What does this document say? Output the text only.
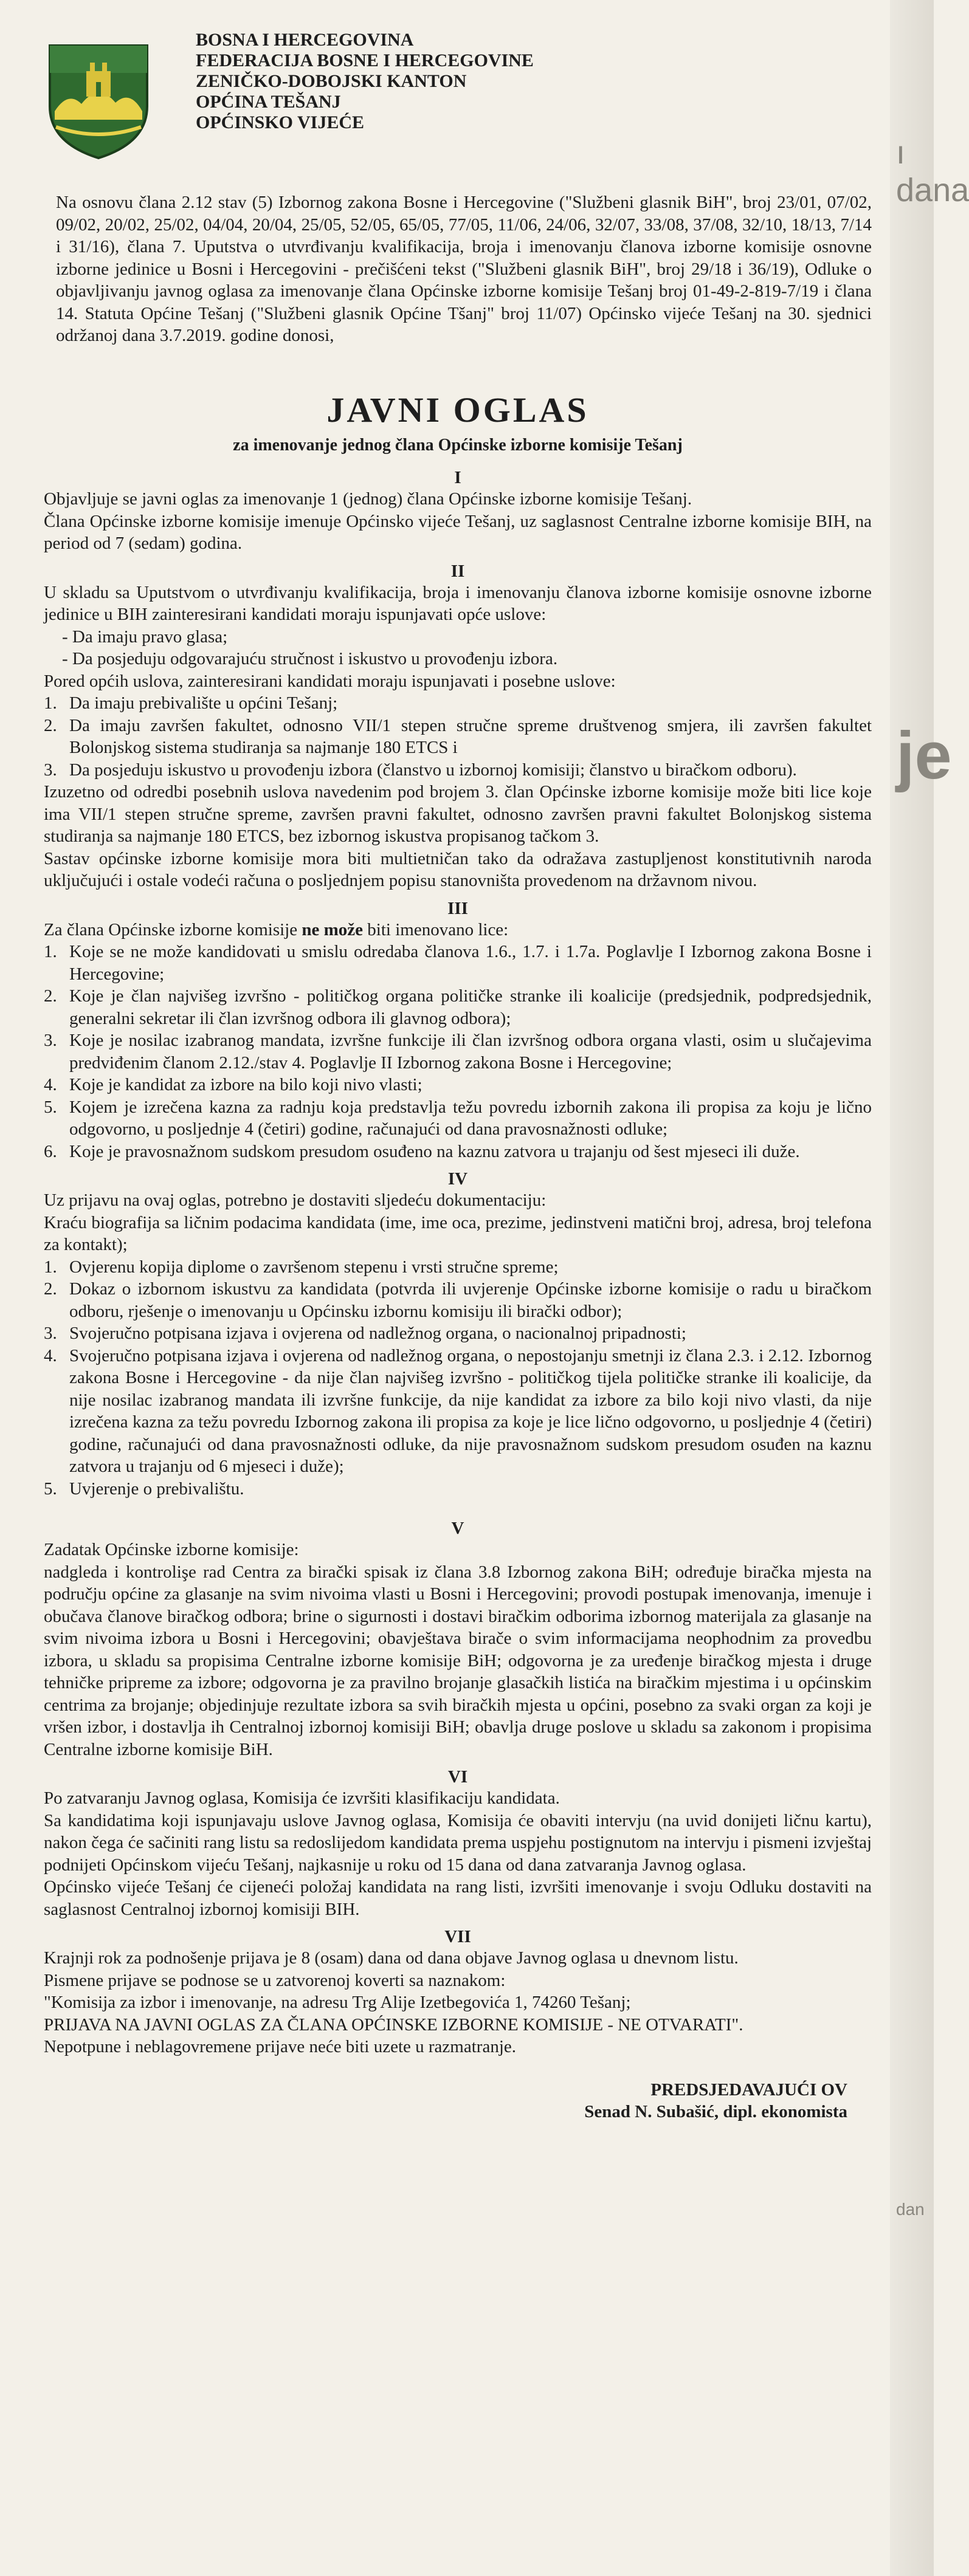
ı dana
je
dan
BOSNA I HERCEGOVINA
FEDERACIJA BOSNE I HERCEGOVINE
ZENIČKO-DOBOJSKI KANTON
OPĆINA TEŠANJ
OPĆINSKO VIJEĆE

Na osnovu člana 2.12 stav (5) Izbornog zakona Bosne i Hercegovine ("Službeni glasnik BiH", broj 23/01, 07/02, 09/02, 20/02, 25/02, 04/04, 20/04, 25/05, 52/05, 65/05, 77/05, 11/06, 24/06, 32/07, 33/08, 37/08, 32/10, 18/13, 7/14 i 31/16), člana 7. Uputstva o utvrđivanju kvalifikacija, broja i imenovanju članova izborne komisije osnovne izborne jedinice u Bosni i Hercegovini - prečišćeni tekst ("Službeni glasnik BiH", broj 29/18 i 36/19), Odluke o objavljivanju javnog oglasa za imenovanje člana Općinske izborne komisije Tešanj broj 01-49-2-819-7/19 i člana 14. Statuta Općine Tešanj ("Službeni glasnik Općine Tšanj" broj 11/07) Općinsko vijeće Tešanj na 30. sjednici održanoj dana 3.7.2019. godine donosi,

JAVNI OGLAS
za imenovanje jednog člana Općinske izborne komisije Tešanj
I

Objavljuje se javni oglas za imenovanje 1 (jednog) člana Općinske izborne komisije Tešanj.

Člana Općinske izborne komisije imenuje Općinsko vijeće Tešanj, uz saglasnost Centralne izborne komisije BIH, na period od 7 (sedam) godina.

II

U skladu sa Uputstvom o utvrđivanju kvalifikacija, broja i imenovanju članova izborne komisije osnovne izborne jedinice u BIH zainteresirani kandidati moraju ispunjavati opće uslove:

- Da imaju pravo glasa;
- Da posjeduju odgovarajuću stručnost i iskustvo u provođenju izbora.

Pored općih uslova, zainteresirani kandidati moraju ispunjavati i posebne uslove:

1. Da imaju prebivalište u općini Tešanj;
2. Da imaju završen fakultet, odnosno VII/1 stepen stručne spreme društvenog smjera, ili završen fakultet Bolonjskog sistema studiranja sa najmanje 180 ETCS i
3. Da posjeduju iskustvo u provođenju izbora (članstvo u izbornoj komisiji; članstvo u biračkom odboru).

Izuzetno od odredbi posebnih uslova navedenim pod brojem 3. član Općinske izborne komisije može biti lice koje ima VII/1 stepen stručne spreme, završen pravni fakultet, odnosno završen pravni fakultet Bolonjskog sistema studiranja sa najmanje 180 ETCS, bez izbornog iskustva propisanog tačkom 3.

Sastav općinske izborne komisije mora biti multietničan tako da odražava zastupljenost konstitutivnih naroda uključujući i ostale vodeći računa o posljednjem popisu stanovništa provedenom na državnom nivou.

III

Za člana Općinske izborne komisije ne može biti imenovano lice:

1. Koje se ne može kandidovati u smislu odredaba članova 1.6., 1.7. i 1.7a. Poglavlje I Izbornog zakona Bosne i Hercegovine;
2. Koje je član najvišeg izvršno - političkog organa političke stranke ili koalicije (predsjednik, podpredsjednik, generalni sekretar ili član izvršnog odbora ili glavnog odbora);
3. Koje je nosilac izabranog mandata, izvršne funkcije ili član izvršnog odbora organa vlasti, osim u slučajevima predviđenim članom 2.12./stav 4. Poglavlje II Izbornog zakona Bosne i Hercegovine;
4. Koje je kandidat za izbore na bilo koji nivo vlasti;
5. Kojem je izrečena kazna za radnju koja predstavlja težu povredu izbornih zakona ili propisa za koju je lično odgovorno, u posljednje 4 (četiri) godine, računajući od dana pravosnažnosti odluke;
6. Koje je pravosnažnom sudskom presudom osuđeno na kaznu zatvora u trajanju od šest mjeseci ili duže.
IV

Uz prijavu na ovaj oglas, potrebno je dostaviti sljedeću dokumentaciju:

Kraću biografija sa ličnim podacima kandidata (ime, ime oca, prezime, jedinstveni matični broj, adresa, broj telefona za kontakt);

1. Ovjerenu kopija diplome o završenom stepenu i vrsti stručne spreme;
2. Dokaz o izbornom iskustvu za kandidata (potvrda ili uvjerenje Općinske izborne komisije o radu u biračkom odboru, rješenje o imenovanju u Općinsku izbornu komisiju ili birački odbor);
3. Svojeručno potpisana izjava i ovjerena od nadležnog organa, o nacionalnoj pripadnosti;
4. Svojeručno potpisana izjava i ovjerena od nadležnog organa, o nepostojanju smetnji iz člana 2.3. i 2.12. Izbornog zakona Bosne i Hercegovine - da nije član najvišeg izvršno - političkog tijela političke stranke ili koalicije, da nije nosilac izabranog mandata ili izvršne funkcije, da nije kandidat za izbore za bilo koji nivo vlasti, da nije izrečena kazna za težu povredu Izbornog zakona ili propisa za koje je lice lično odgovorno, u posljednje 4 (četiri) godine, računajući od dana pravosnažnosti odluke, da nije pravosnažnom sudskom presudom osuđen na kaznu zatvora u trajanju od 6 mjeseci i duže);
5. Uvjerenje o prebivalištu.
V

Zadatak Općinske izborne komisije:

nadgleda i kontrolişe rad Centra za birački spisak iz člana 3.8 Izbornog zakona BiH; određuje biračka mjesta na području općine za glasanje na svim nivoima vlasti u Bosni i Hercegovini; provodi postupak imenovanja, imenuje i obučava članove biračkog odbora; brine o sigurnosti i dostavi biračkim odborima izbornog materijala za glasanje na svim nivoima izbora u Bosni i Hercegovini; obavještava birače o svim informacijama neophodnim za provedbu izbora, u skladu sa propisima Centralne izborne komisije BiH; odgovorna je za uređenje biračkog mjesta i druge tehničke pripreme za izbore; odgovorna je za pravilno brojanje glasačkih listića na biračkim mjestima i u općinskim centrima za brojanje; objedinjuje rezultate izbora sa svih biračkih mjesta u općini, posebno za svaki organ za koji je vršen izbor, i dostavlja ih Centralnoj izbornoj komisiji BiH; obavlja druge poslove u skladu sa zakonom i propisima Centralne izborne komisije BiH.

VI

Po zatvaranju Javnog oglasa, Komisija će izvršiti klasifikaciju kandidata.

Sa kandidatima koji ispunjavaju uslove Javnog oglasa, Komisija će obaviti intervju (na uvid donijeti ličnu kartu), nakon čega će sačiniti rang listu sa redoslijedom kandidata prema uspjehu postignutom na intervju i pismeni izvještaj podnijeti Općinskom vijeću Tešanj, najkasnije u roku od 15 dana od dana zatvaranja Javnog oglasa.

Općinsko vijeće Tešanj će cijeneći položaj kandidata na rang listi, izvršiti imenovanje i svoju Odluku dostaviti na saglasnost Centralnoj izbornoj komisiji BIH.

VII

Krajnji rok za podnošenje prijava je 8 (osam) dana od dana objave Javnog oglasa u dnevnom listu.

Pismene prijave se podnose se u zatvorenoj koverti sa naznakom:

"Komisija za izbor i imenovanje, na adresu Trg Alije Izetbegovića 1, 74260 Tešanj;

PRIJAVA NA JAVNI OGLAS ZA ČLANA OPĆINSKE IZBORNE KOMISIJE - NE OTVARATI".

Nepotpune i neblagovremene prijave neće biti uzete u razmatranje.

PREDSJEDAVAJUĆI OV
Senad N. Subašić, dipl. ekonomista
